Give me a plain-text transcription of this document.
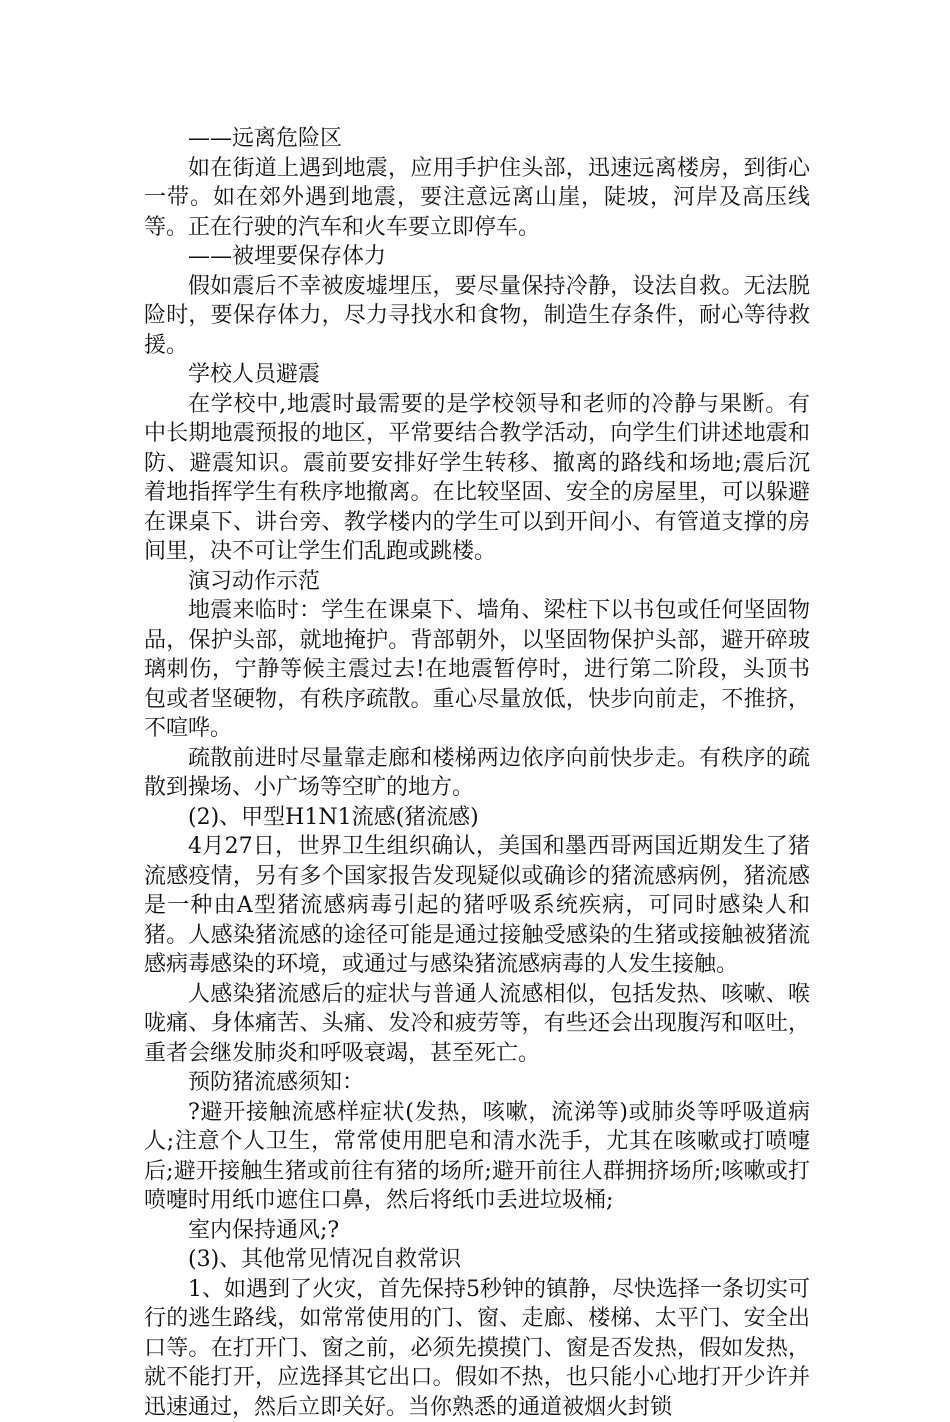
——远离危险区

如在街道上遇到地震，应用手护住头部，迅速远离楼房，到街心一带。如在郊外遇到地震，要注意远离山崖，陡坡，河岸及高压线等。正在行驶的汽车和火车要立即停车。

——被埋要保存体力

假如震后不幸被废墟埋压，要尽量保持冷静，设法自救。无法脱险时，要保存体力，尽力寻找水和食物，制造生存条件，耐心等待救援。

学校人员避震

在学校中,地震时最需要的是学校领导和老师的冷静与果断。有中长期地震预报的地区，平常要结合教学活动，向学生们讲述地震和防、避震知识。震前要安排好学生转移、撤离的路线和场地;震后沉着地指挥学生有秩序地撤离。在比较坚固、安全的房屋里，可以躲避在课桌下、讲台旁、教学楼内的学生可以到开间小、有管道支撑的房间里，决不可让学生们乱跑或跳楼。

演习动作示范

地震来临时：学生在课桌下、墙角、梁柱下以书包或任何坚固物品，保护头部，就地掩护。背部朝外，以坚固物保护头部，避开碎玻璃刺伤，宁静等候主震过去!在地震暂停时，进行第二阶段，头顶书包或者坚硬物，有秩序疏散。重心尽量放低，快步向前走，不推挤，不喧哗。

疏散前进时尽量靠走廊和楼梯两边依序向前快步走。有秩序的疏散到操场、小广场等空旷的地方。

(2)、甲型H1N1流感(猪流感)

4月27日，世界卫生组织确认，美国和墨西哥两国近期发生了猪流感疫情，另有多个国家报告发现疑似或确诊的猪流感病例，猪流感是一种由A型猪流感病毒引起的猪呼吸系统疾病，可同时感染人和猪。人感染猪流感的途径可能是通过接触受感染的生猪或接触被猪流感病毒感染的环境，或通过与感染猪流感病毒的人发生接触。

人感染猪流感后的症状与普通人流感相似，包括发热、咳嗽、喉咙痛、身体痛苦、头痛、发冷和疲劳等，有些还会出现腹泻和呕吐，重者会继发肺炎和呼吸衰竭，甚至死亡。

预防猪流感须知：

?避开接触流感样症状(发热，咳嗽，流涕等)或肺炎等呼吸道病人;注意个人卫生，常常使用肥皂和清水洗手，尤其在咳嗽或打喷嚏后;避开接触生猪或前往有猪的场所;避开前往人群拥挤场所;咳嗽或打喷嚏时用纸巾遮住口鼻，然后将纸巾丢进垃圾桶;

室内保持通风;?

(3)、其他常见情况自救常识

1、如遇到了火灾，首先保持5秒钟的镇静，尽快选择一条切实可行的逃生路线，如常常使用的门、窗、走廊、楼梯、太平门、安全出口等。在打开门、窗之前，必须先摸摸门、窗是否发热，假如发热，就不能打开，应选择其它出口。假如不热，也只能小心地打开少许并迅速通过，然后立即关好。当你熟悉的通道被烟火封锁
